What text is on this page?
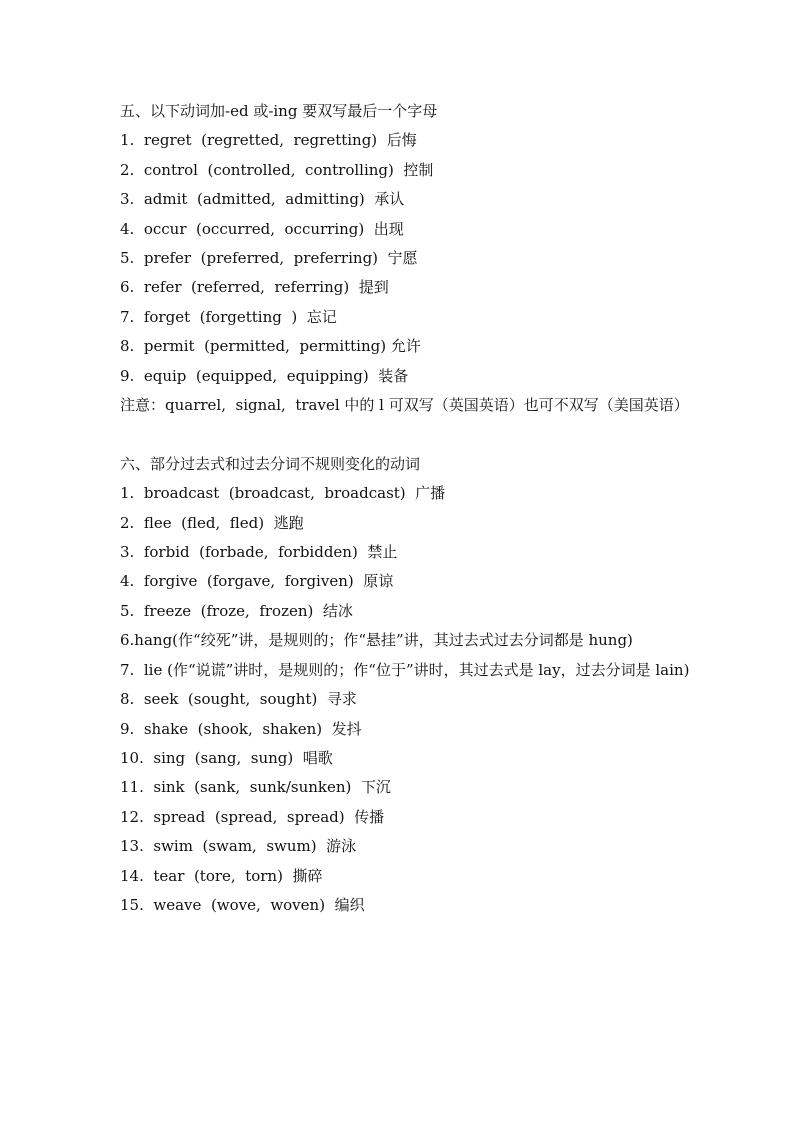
五、以下动词加-ed 或-ing 要双写最后一个字母

1.  regret  (regretted,  regretting)  后悔

2.  control  (controlled,  controlling)  控制

3.  admit  (admitted,  admitting)  承认

4.  occur  (occurred,  occurring)  出现

5.  prefer  (preferred,  preferring)  宁愿

6.  refer  (referred,  referring)  提到

7.  forget  (forgetting  )  忘记

8.  permit  (permitted,  permitting) 允许

9.  equip  (equipped,  equipping)  装备

注意：quarrel,  signal,  travel 中的 l 可双写（英国英语）也可不双写（美国英语）

六、部分过去式和过去分词不规则变化的动词

1.  broadcast  (broadcast,  broadcast)  广播

2.  flee  (fled,  fled)  逃跑

3.  forbid  (forbade,  forbidden)  禁止

4.  forgive  (forgave,  forgiven)  原谅

5.  freeze  (froze,  frozen)  结冰

6.hang(作“绞死”讲，是规则的；作“悬挂”讲，其过去式过去分词都是 hung)

7.  lie (作“说谎”讲时，是规则的；作“位于”讲时，其过去式是 lay，过去分词是 lain)

8.  seek  (sought,  sought)  寻求

9.  shake  (shook,  shaken)  发抖

10.  sing  (sang,  sung)  唱歌

11.  sink  (sank,  sunk/sunken)  下沉

12.  spread  (spread,  spread)  传播

13.  swim  (swam,  swum)  游泳

14.  tear  (tore,  torn)  撕碎

15.  weave  (wove,  woven)  编织
